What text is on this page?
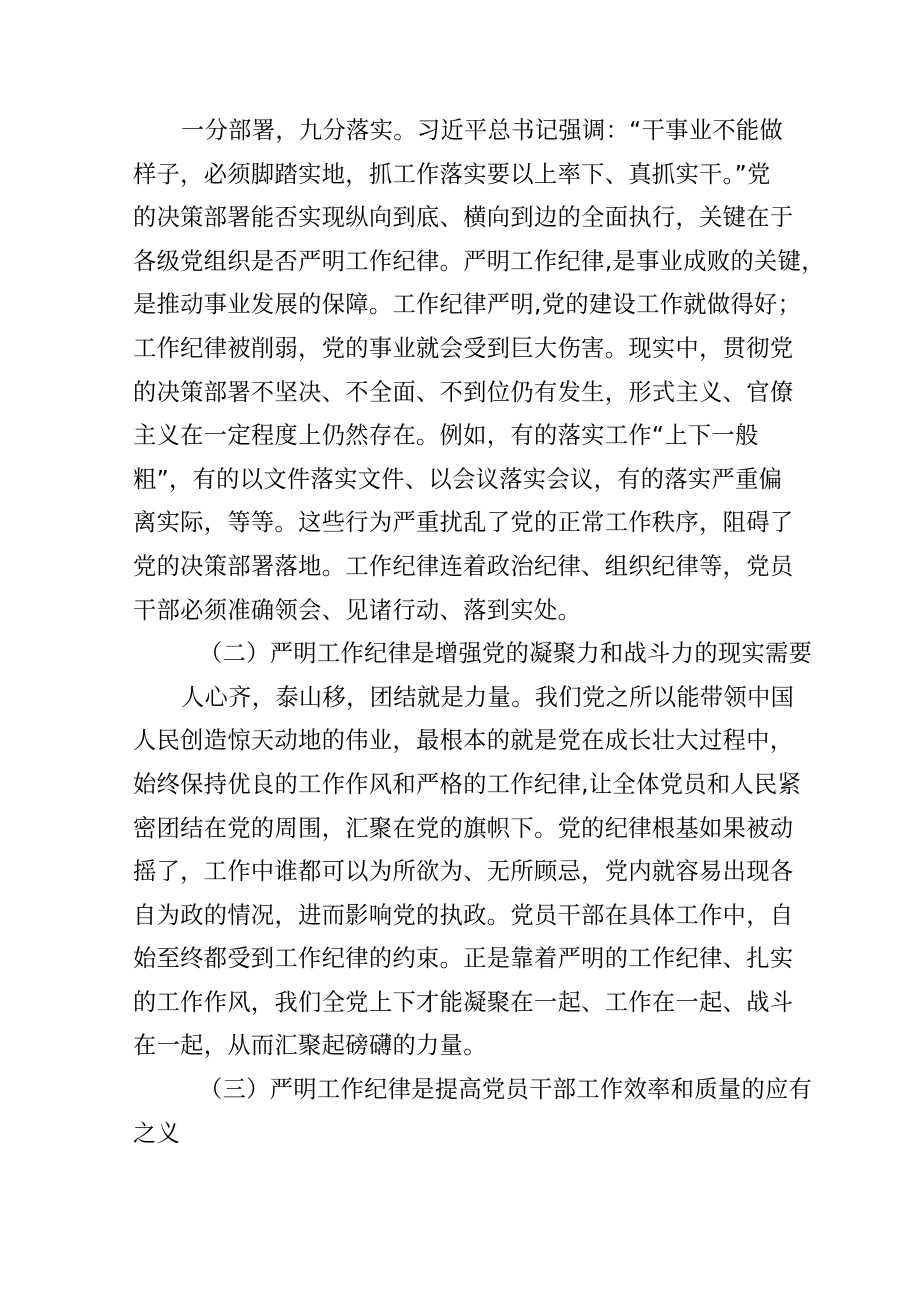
一分部署，九分落实。习近平总书记强调：“干事业不能做
样子，必须脚踏实地，抓工作落实要以上率下、真抓实干。”党
的决策部署能否实现纵向到底、横向到边的全面执行，关键在于
各级党组织是否严明工作纪律。严明工作纪律,是事业成败的关键，
是推动事业发展的保障。工作纪律严明,党的建设工作就做得好；
工作纪律被削弱，党的事业就会受到巨大伤害。现实中，贯彻党
的决策部署不坚决、不全面、不到位仍有发生，形式主义、官僚
主义在一定程度上仍然存在。例如，有的落实工作“上下一般
粗”，有的以文件落实文件、以会议落实会议，有的落实严重偏
离实际，等等。这些行为严重扰乱了党的正常工作秩序，阻碍了
党的决策部署落地。工作纪律连着政治纪律、组织纪律等，党员
干部必须准确领会、见诸行动、落到实处。
（二）严明工作纪律是增强党的凝聚力和战斗力的现实需要
人心齐，泰山移，团结就是力量。我们党之所以能带领中国
人民创造惊天动地的伟业，最根本的就是党在成长壮大过程中，
始终保持优良的工作作风和严格的工作纪律,让全体党员和人民紧
密团结在党的周围，汇聚在党的旗帜下。党的纪律根基如果被动
摇了，工作中谁都可以为所欲为、无所顾忌，党内就容易出现各
自为政的情况，进而影响党的执政。党员干部在具体工作中，自
始至终都受到工作纪律的约束。正是靠着严明的工作纪律、扎实
的工作作风，我们全党上下才能凝聚在一起、工作在一起、战斗
在一起，从而汇聚起磅礴的力量。
（三）严明工作纪律是提高党员干部工作效率和质量的应有
之义
